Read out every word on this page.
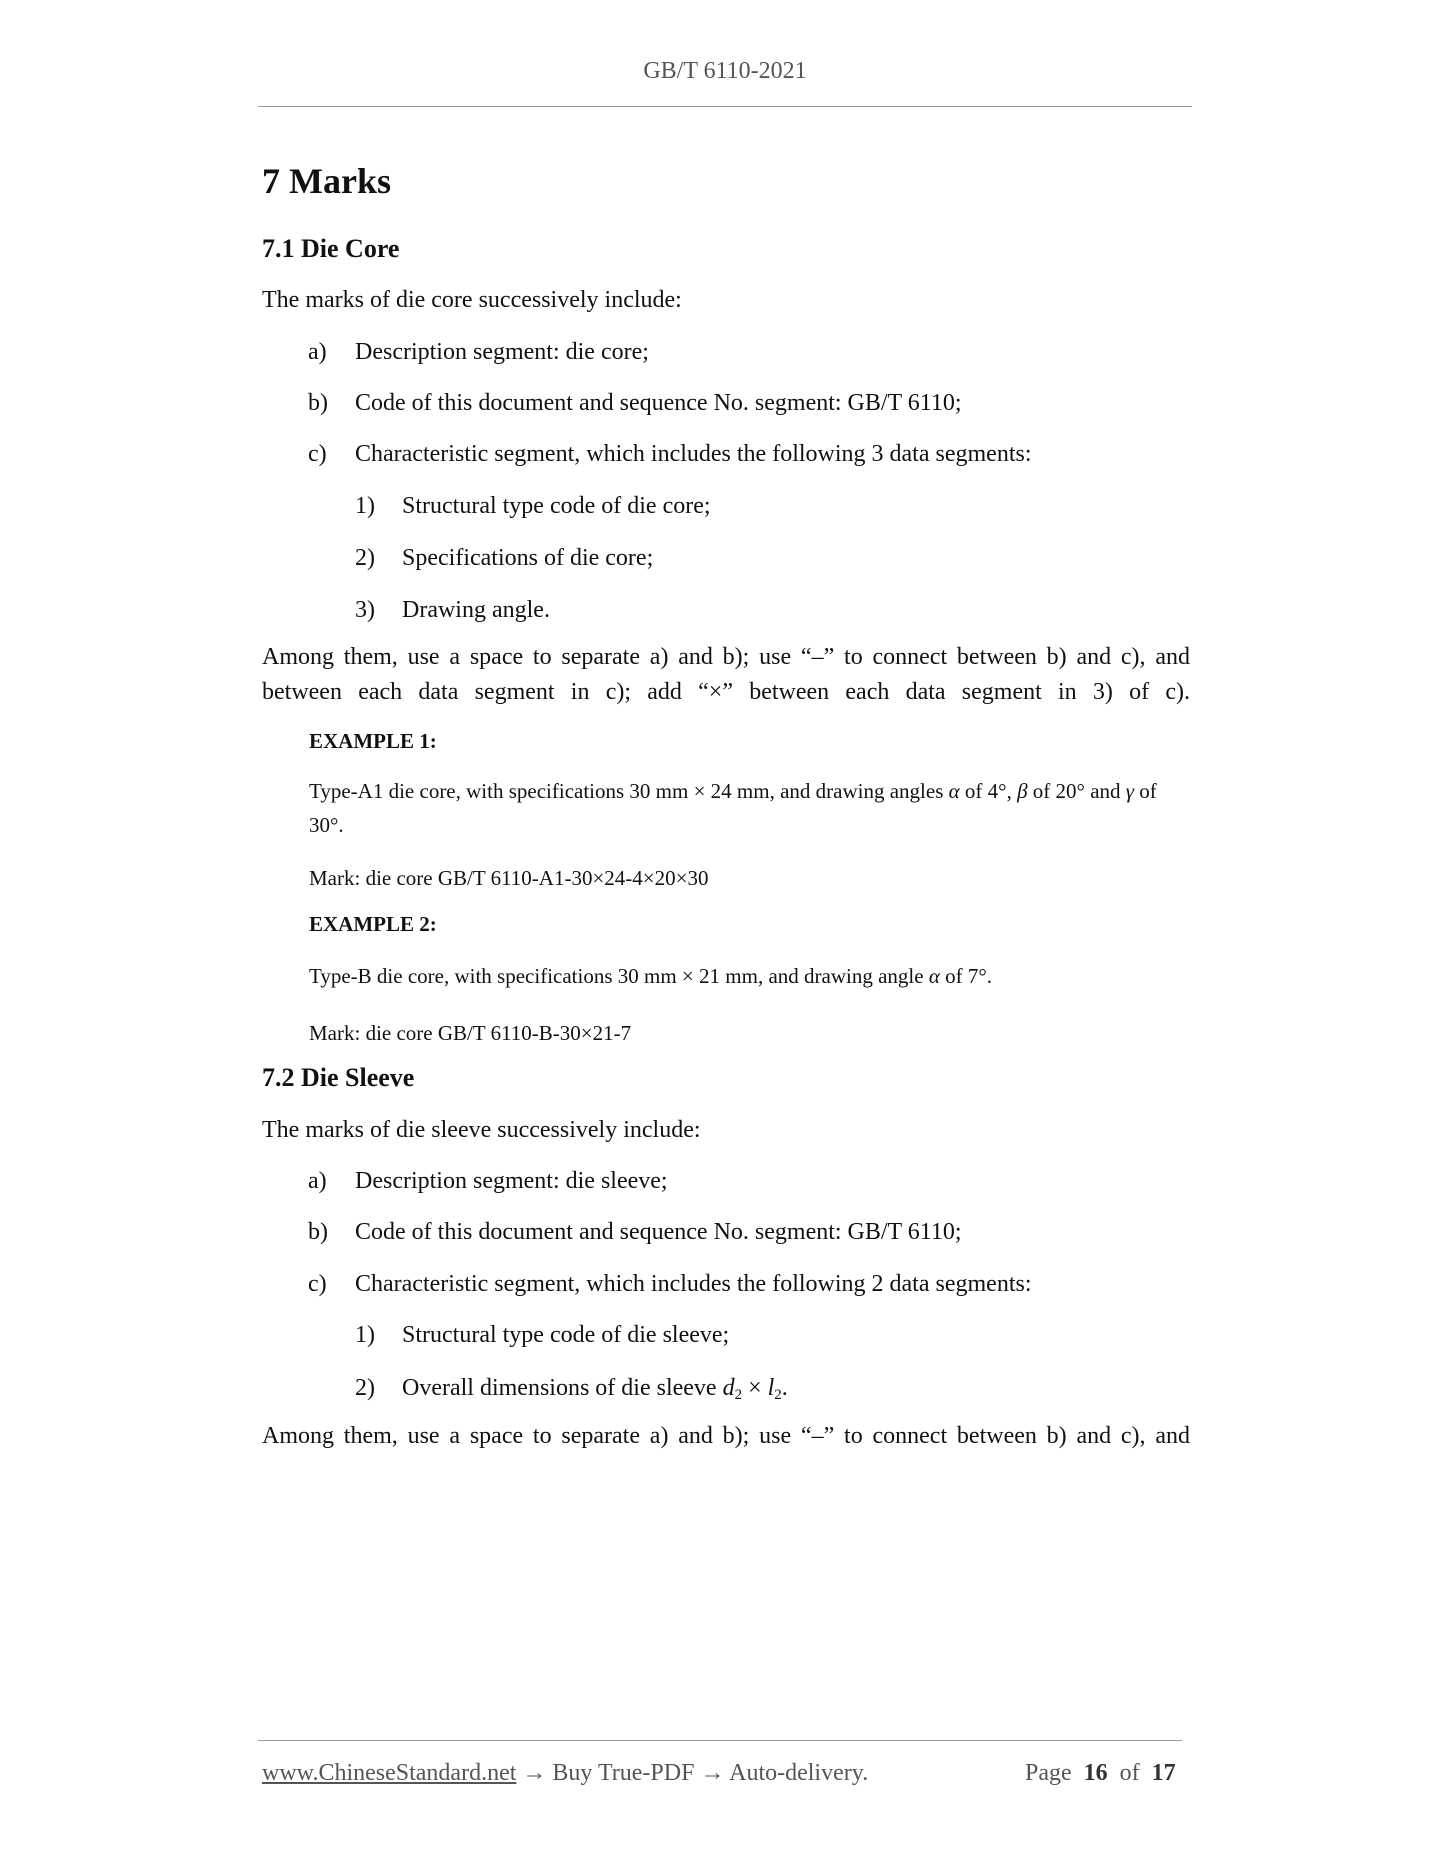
GB/T 6110-2021
7 Marks
7.1 Die Core
The marks of die core successively include:
a)	Description segment: die core;
b)	Code of this document and sequence No. segment: GB/T 6110;
c)	Characteristic segment, which includes the following 3 data segments:
1)	Structural type code of die core;
2)	Specifications of die core;
3)	Drawing angle.
Among them, use a space to separate a) and b); use “–” to connect between b) and c), and between each data segment in c); add “×” between each data segment in 3) of c).
EXAMPLE 1:
Type-A1 die core, with specifications 30 mm × 24 mm, and drawing angles α of 4°, β of 20° and γ of 30°.
Mark: die core GB/T 6110-A1-30×24-4×20×30
EXAMPLE 2:
Type-B die core, with specifications 30 mm × 21 mm, and drawing angle α of 7°.
Mark: die core GB/T 6110-B-30×21-7
7.2 Die Sleeve
The marks of die sleeve successively include:
a)	Description segment: die sleeve;
b)	Code of this document and sequence No. segment: GB/T 6110;
c)	Characteristic segment, which includes the following 2 data segments:
1)	Structural type code of die sleeve;
2)	Overall dimensions of die sleeve $d_2 \times l_2$.
Among them, use a space to separate a) and b); use “–” to connect between b) and c), and
www.ChineseStandard.net → Buy True-PDF → Auto-delivery.	Page 16 of 17
